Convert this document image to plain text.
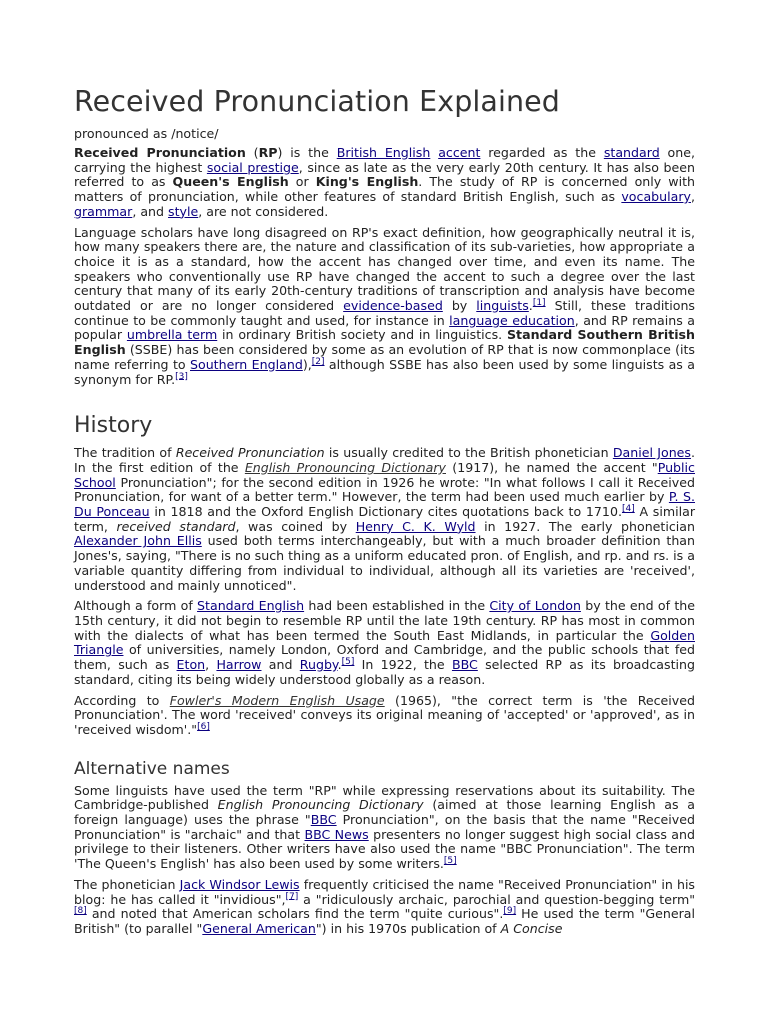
Received Pronunciation Explained
pronounced as /notice/

Received Pronunciation (RP) is the British English accent regarded as the standard one, carrying the highest social prestige, since as late as the very early 20th century. It has also been referred to as Queen's English or King's English. The study of RP is concerned only with matters of pronunciation, while other features of standard British English, such as vocabulary, grammar, and style, are not considered.

Language scholars have long disagreed on RP's exact definition, how geographically neutral it is, how many speakers there are, the nature and classification of its sub-varieties, how appropriate a choice it is as a standard, how the accent has changed over time, and even its name. The speakers who conventionally use RP have changed the accent to such a degree over the last century that many of its early 20th-century traditions of transcription and analysis have become outdated or are no longer considered evidence-based by linguists.[1] Still, these traditions continue to be commonly taught and used, for instance in language education, and RP remains a popular umbrella term in ordinary British society and in linguistics. Standard Southern British English (SSBE) has been considered by some as an evolution of RP that is now commonplace (its name referring to Southern England),[2] although SSBE has also been used by some linguists as a synonym for RP.[3]

History

The tradition of Received Pronunciation is usually credited to the British phonetician Daniel Jones. In the first edition of the English Pronouncing Dictionary (1917), he named the accent "Public School Pronunciation"; for the second edition in 1926 he wrote: "In what follows I call it Received Pronunciation, for want of a better term." However, the term had been used much earlier by P. S. Du Ponceau in 1818 and the Oxford English Dictionary cites quotations back to 1710.[4] A similar term, received standard, was coined by Henry C. K. Wyld in 1927. The early phonetician Alexander John Ellis used both terms interchangeably, but with a much broader definition than Jones's, saying, "There is no such thing as a uniform educated pron. of English, and rp. and rs. is a variable quantity differing from individual to individual, although all its varieties are 'received', understood and mainly unnoticed".

Although a form of Standard English had been established in the City of London by the end of the 15th century, it did not begin to resemble RP until the late 19th century. RP has most in common with the dialects of what has been termed the South East Midlands, in particular the Golden Triangle of universities, namely London, Oxford and Cambridge, and the public schools that fed them, such as Eton, Harrow and Rugby.[5] In 1922, the BBC selected RP as its broadcasting standard, citing its being widely understood globally as a reason.

According to Fowler's Modern English Usage (1965), "the correct term is 'the Received Pronunciation'. The word 'received' conveys its original meaning of 'accepted' or 'approved', as in 'received wisdom'."[6]

Alternative names

Some linguists have used the term "RP" while expressing reservations about its suitability. The Cambridge-published English Pronouncing Dictionary (aimed at those learning English as a foreign language) uses the phrase "BBC Pronunciation", on the basis that the name "Received Pronunciation" is "archaic" and that BBC News presenters no longer suggest high social class and privilege to their listeners. Other writers have also used the name "BBC Pronunciation". The term 'The Queen's English' has also been used by some writers.[5]

The phonetician Jack Windsor Lewis frequently criticised the name "Received Pronunciation" in his blog: he has called it "invidious",[7] a "ridiculously archaic, parochial and question-begging term"[8] and noted that American scholars find the term "quite curious".[9] He used the term "General British" (to parallel "General American") in his 1970s publication of A Concise
